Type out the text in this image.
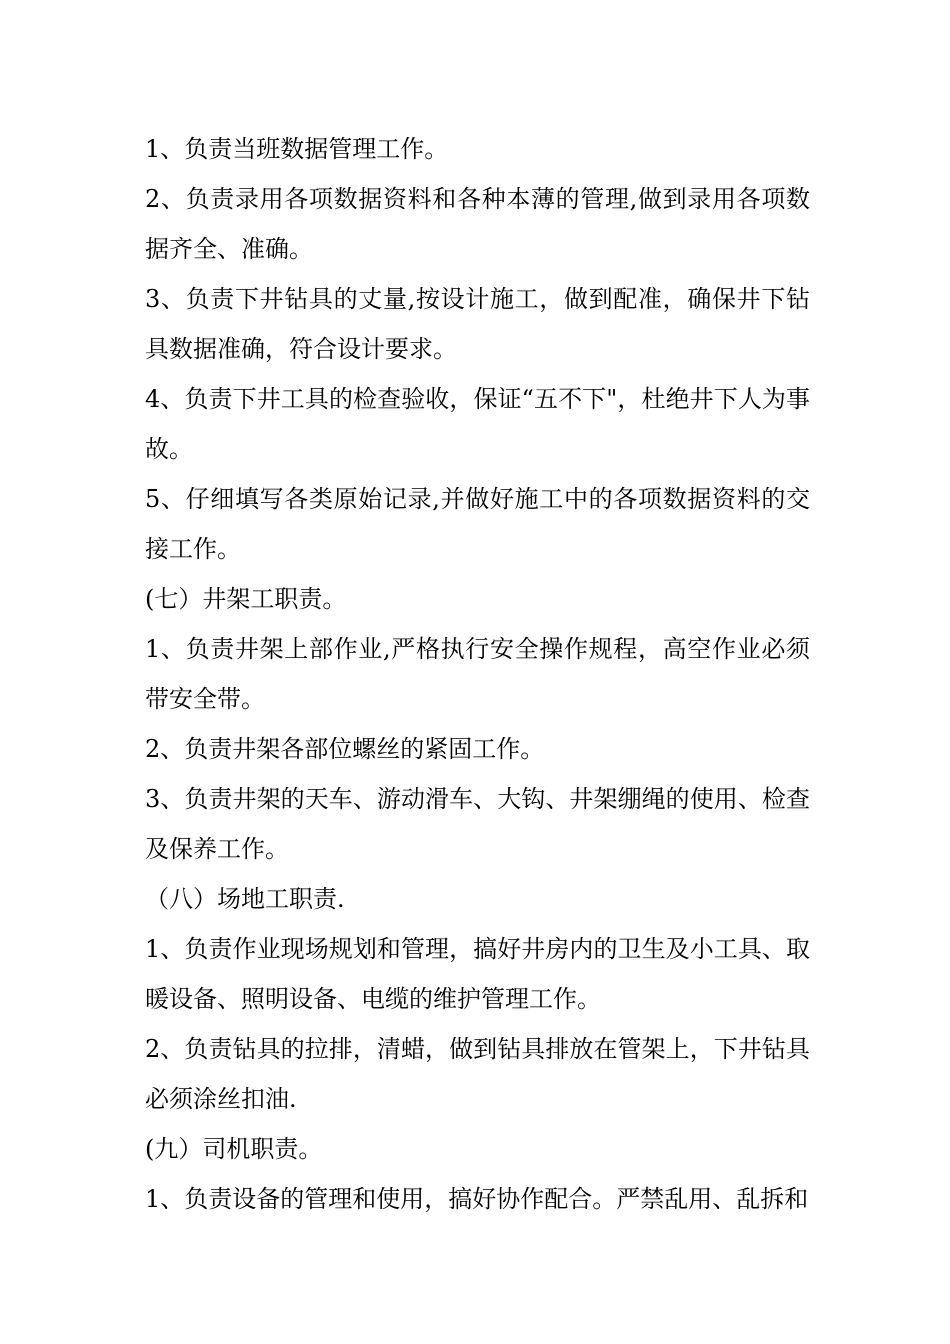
1、负责当班数据管理工作。

2、负责录用各项数据资料和各种本薄的管理,做到录用各项数据齐全、准确。

3、负责下井钻具的丈量,按设计施工，做到配准，确保井下钻具数据准确，符合设计要求。

4、负责下井工具的检查验收，保证“五不下"，杜绝井下人为事故。

5、仔细填写各类原始记录,并做好施工中的各项数据资料的交接工作。

(七）井架工职责。

1、负责井架上部作业,严格执行安全操作规程，高空作业必须带安全带。

2、负责井架各部位螺丝的紧固工作。

3、负责井架的天车、游动滑车、大钩、井架绷绳的使用、检查及保养工作。

（八）场地工职责.

1、负责作业现场规划和管理，搞好井房内的卫生及小工具、取暖设备、照明设备、电缆的维护管理工作。

2、负责钻具的拉排，清蜡，做到钻具排放在管架上，下井钻具必须涂丝扣油.

(九）司机职责。

1、负责设备的管理和使用，搞好协作配合。严禁乱用、乱拆和
